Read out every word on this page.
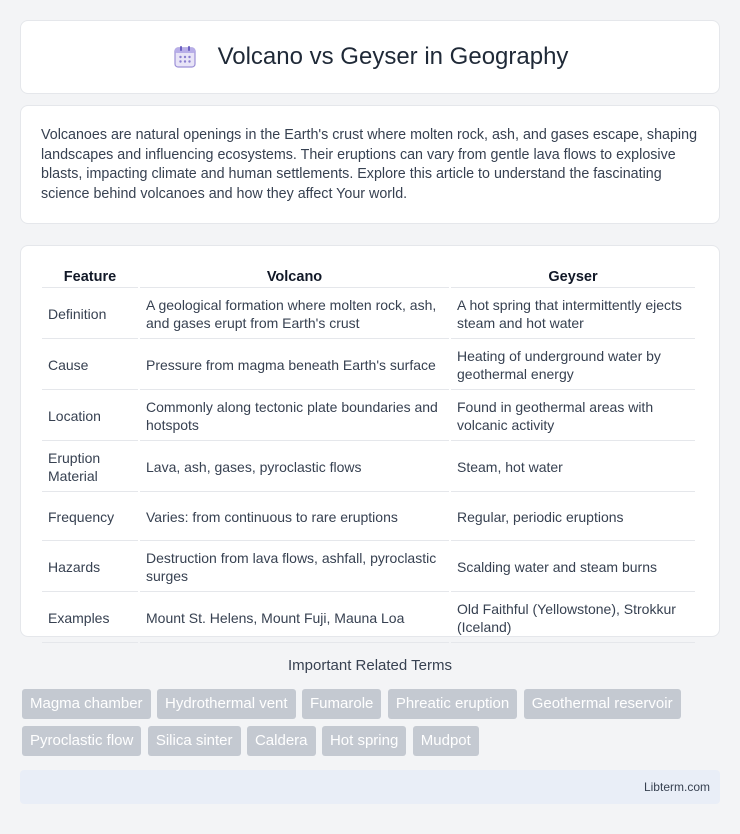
Volcano vs Geyser in Geography

Volcanoes are natural openings in the Earth's crust where molten rock, ash, and gases escape, shaping landscapes and influencing ecosystems. Their eruptions can vary from gentle lava flows to explosive blasts, impacting climate and human settlements. Explore this article to understand the fascinating science behind volcanoes and how they affect Your world.

Feature	Volcano	Geyser
Definition	A geological formation where molten rock, ash, and gases erupt from Earth's crust	A hot spring that intermittently ejects steam and hot water
Cause	Pressure from magma beneath Earth's surface	Heating of underground water by geothermal energy
Location	Commonly along tectonic plate boundaries and hotspots	Found in geothermal areas with volcanic activity
Eruption Material	Lava, ash, gases, pyroclastic flows	Steam, hot water
Frequency	Varies: from continuous to rare eruptions	Regular, periodic eruptions
Hazards	Destruction from lava flows, ashfall, pyroclastic surges	Scalding water and steam burns
Examples	Mount St. Helens, Mount Fuji, Mauna Loa	Old Faithful (Yellowstone), Strokkur (Iceland)
Important Related Terms
Magma chamber Hydrothermal vent Fumarole Phreatic eruption Geothermal reservoir
Pyroclastic flow Silica sinter Caldera Hot spring Mudpot
Libterm.com
